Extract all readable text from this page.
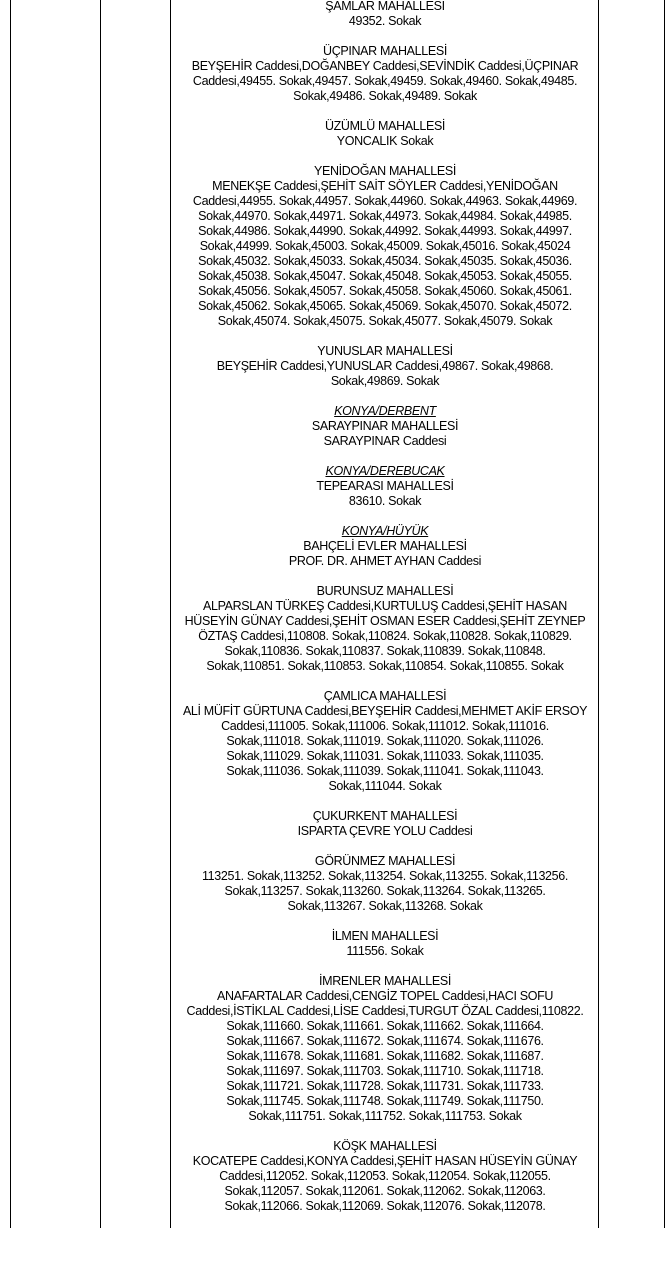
ŞAMLAR MAHALLESİ
49352. Sokak
ÜÇPINAR MAHALLESİ
BEYŞEHİR Caddesi,DOĞANBEY Caddesi,SEVİNDİK Caddesi,ÜÇPINAR
Caddesi,49455. Sokak,49457. Sokak,49459. Sokak,49460. Sokak,49485.
Sokak,49486. Sokak,49489. Sokak
ÜZÜMLÜ MAHALLESİ
YONCALIK Sokak
YENİDOĞAN MAHALLESİ
MENEKŞE Caddesi,ŞEHİT SAİT SÖYLER Caddesi,YENİDOĞAN
Caddesi,44955. Sokak,44957. Sokak,44960. Sokak,44963. Sokak,44969.
Sokak,44970. Sokak,44971. Sokak,44973. Sokak,44984. Sokak,44985.
Sokak,44986. Sokak,44990. Sokak,44992. Sokak,44993. Sokak,44997.
Sokak,44999. Sokak,45003. Sokak,45009. Sokak,45016. Sokak,45024
Sokak,45032. Sokak,45033. Sokak,45034. Sokak,45035. Sokak,45036.
Sokak,45038. Sokak,45047. Sokak,45048. Sokak,45053. Sokak,45055.
Sokak,45056. Sokak,45057. Sokak,45058. Sokak,45060. Sokak,45061.
Sokak,45062. Sokak,45065. Sokak,45069. Sokak,45070. Sokak,45072.
Sokak,45074. Sokak,45075. Sokak,45077. Sokak,45079. Sokak
YUNUSLAR MAHALLESİ
BEYŞEHİR Caddesi,YUNUSLAR Caddesi,49867. Sokak,49868.
Sokak,49869. Sokak
KONYA/DERBENT
SARAYPINAR MAHALLESİ
SARAYPINAR Caddesi
KONYA/DEREBUCAK
TEPEARASI MAHALLESİ
83610. Sokak
KONYA/HÜYÜK
BAHÇELİ EVLER MAHALLESİ
PROF. DR. AHMET AYHAN Caddesi
BURUNSUZ MAHALLESİ
ALPARSLAN TÜRKEŞ Caddesi,KURTULUŞ Caddesi,ŞEHİT HASAN
HÜSEYİN GÜNAY Caddesi,ŞEHİT OSMAN ESER Caddesi,ŞEHİT ZEYNEP
ÖZTAŞ Caddesi,110808. Sokak,110824. Sokak,110828. Sokak,110829.
Sokak,110836. Sokak,110837. Sokak,110839. Sokak,110848.
Sokak,110851. Sokak,110853. Sokak,110854. Sokak,110855. Sokak
ÇAMLICA MAHALLESİ
ALİ MÜFİT GÜRTUNA Caddesi,BEYŞEHİR Caddesi,MEHMET AKİF ERSOY
Caddesi,111005. Sokak,111006. Sokak,111012. Sokak,111016.
Sokak,111018. Sokak,111019. Sokak,111020. Sokak,111026.
Sokak,111029. Sokak,111031. Sokak,111033. Sokak,111035.
Sokak,111036. Sokak,111039. Sokak,111041. Sokak,111043.
Sokak,111044. Sokak
ÇUKURKENT MAHALLESİ
ISPARTA ÇEVRE YOLU Caddesi
GÖRÜNMEZ MAHALLESİ
113251. Sokak,113252. Sokak,113254. Sokak,113255. Sokak,113256.
Sokak,113257. Sokak,113260. Sokak,113264. Sokak,113265.
Sokak,113267. Sokak,113268. Sokak
İLMEN MAHALLESİ
111556. Sokak
İMRENLER MAHALLESİ
ANAFARTALAR Caddesi,CENGİZ TOPEL Caddesi,HACI SOFU
Caddesi,İSTİKLAL Caddesi,LİSE Caddesi,TURGUT ÖZAL Caddesi,110822.
Sokak,111660. Sokak,111661. Sokak,111662. Sokak,111664.
Sokak,111667. Sokak,111672. Sokak,111674. Sokak,111676.
Sokak,111678. Sokak,111681. Sokak,111682. Sokak,111687.
Sokak,111697. Sokak,111703. Sokak,111710. Sokak,111718.
Sokak,111721. Sokak,111728. Sokak,111731. Sokak,111733.
Sokak,111745. Sokak,111748. Sokak,111749. Sokak,111750.
Sokak,111751. Sokak,111752. Sokak,111753. Sokak
KÖŞK MAHALLESİ
KOCATEPE Caddesi,KONYA Caddesi,ŞEHİT HASAN HÜSEYİN GÜNAY
Caddesi,112052. Sokak,112053. Sokak,112054. Sokak,112055.
Sokak,112057. Sokak,112061. Sokak,112062. Sokak,112063.
Sokak,112066. Sokak,112069. Sokak,112076. Sokak,112078.
